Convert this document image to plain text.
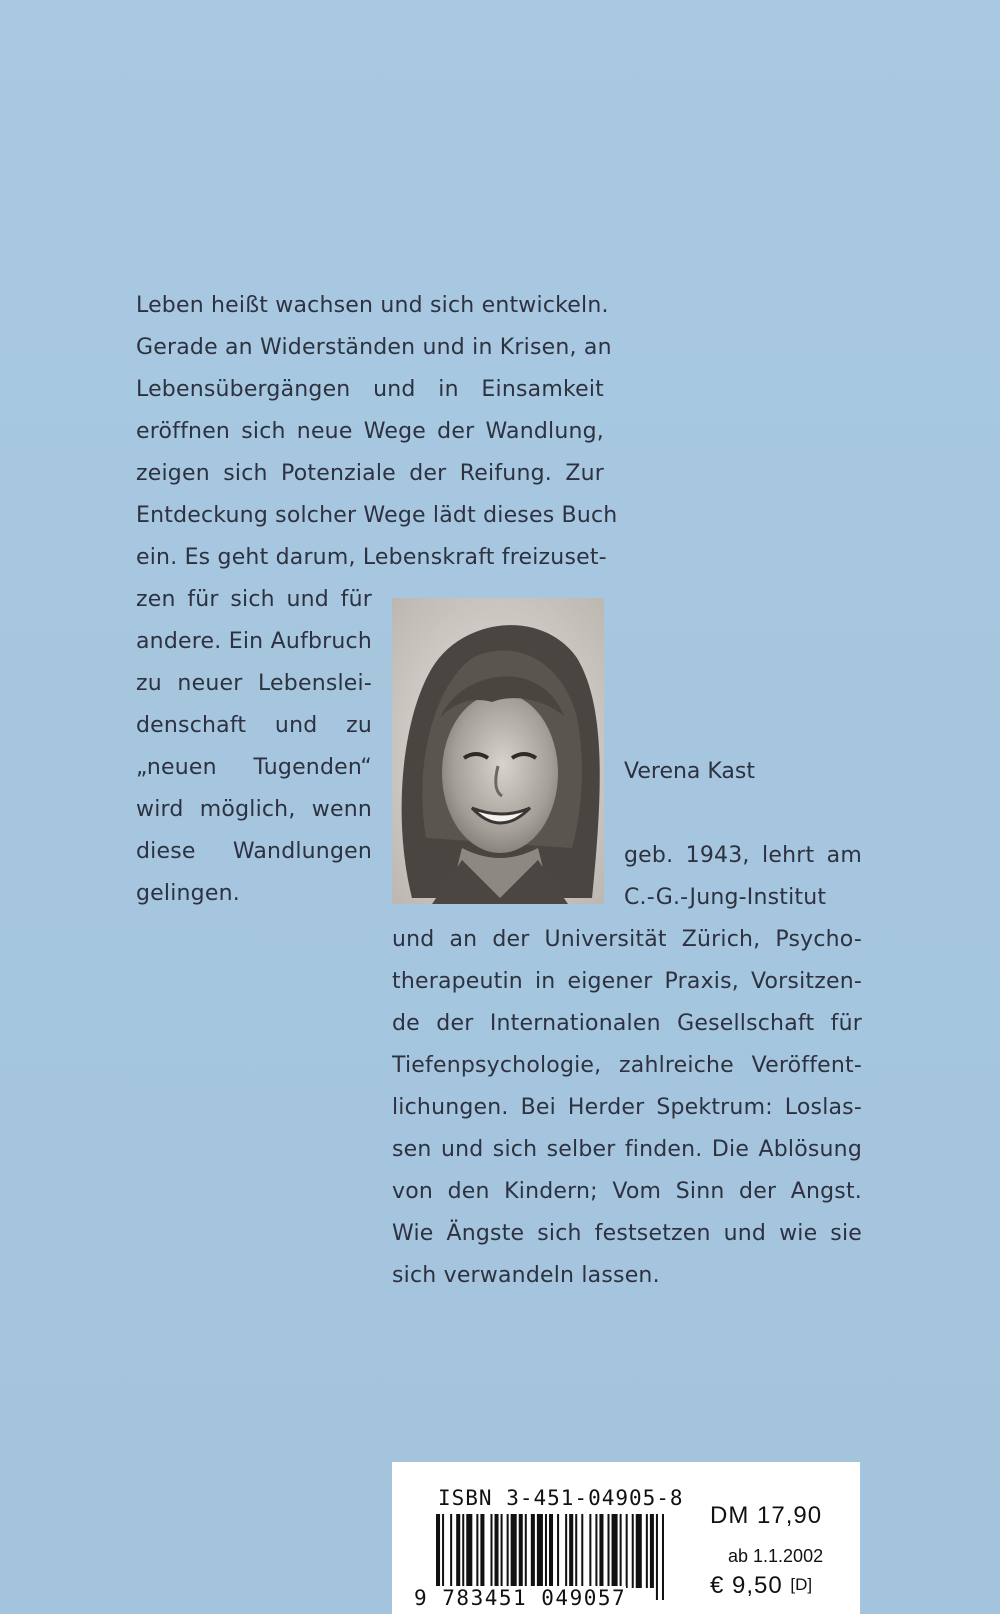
Leben heißt wachsen und sich entwickeln.
Gerade an Widerständen und in Krisen, an
Lebensübergängen und in Einsamkeit
eröffnen sich neue Wege der Wandlung,
zeigen sich Potenziale der Reifung. Zur
Entdeckung solcher Wege lädt dieses Buch
ein. Es geht darum, Lebenskraft freizuset-
zen für sich und für
andere. Ein Aufbruch
zu neuer Lebenslei-
denschaft und zu
„neuen Tugenden“
wird möglich, wenn
diese Wandlungen
gelingen.
Verena Kast
geb. 1943, lehrt am
C.-G.-Jung-Institut
und an der Universität Zürich, Psycho-
therapeutin in eigener Praxis, Vorsitzen-
de der Internationalen Gesellschaft für
Tiefenpsychologie, zahlreiche Veröffent-
lichungen. Bei Herder Spektrum: Loslas-
sen und sich selber finden. Die Ablösung
von den Kindern; Vom Sinn der Angst.
Wie Ängste sich festsetzen und wie sie
sich verwandeln lassen.
ISBN 3-451-04905-8
9 783451 049057
DM 17,90
ab 1.1.2002
€ 9,50 [D]
